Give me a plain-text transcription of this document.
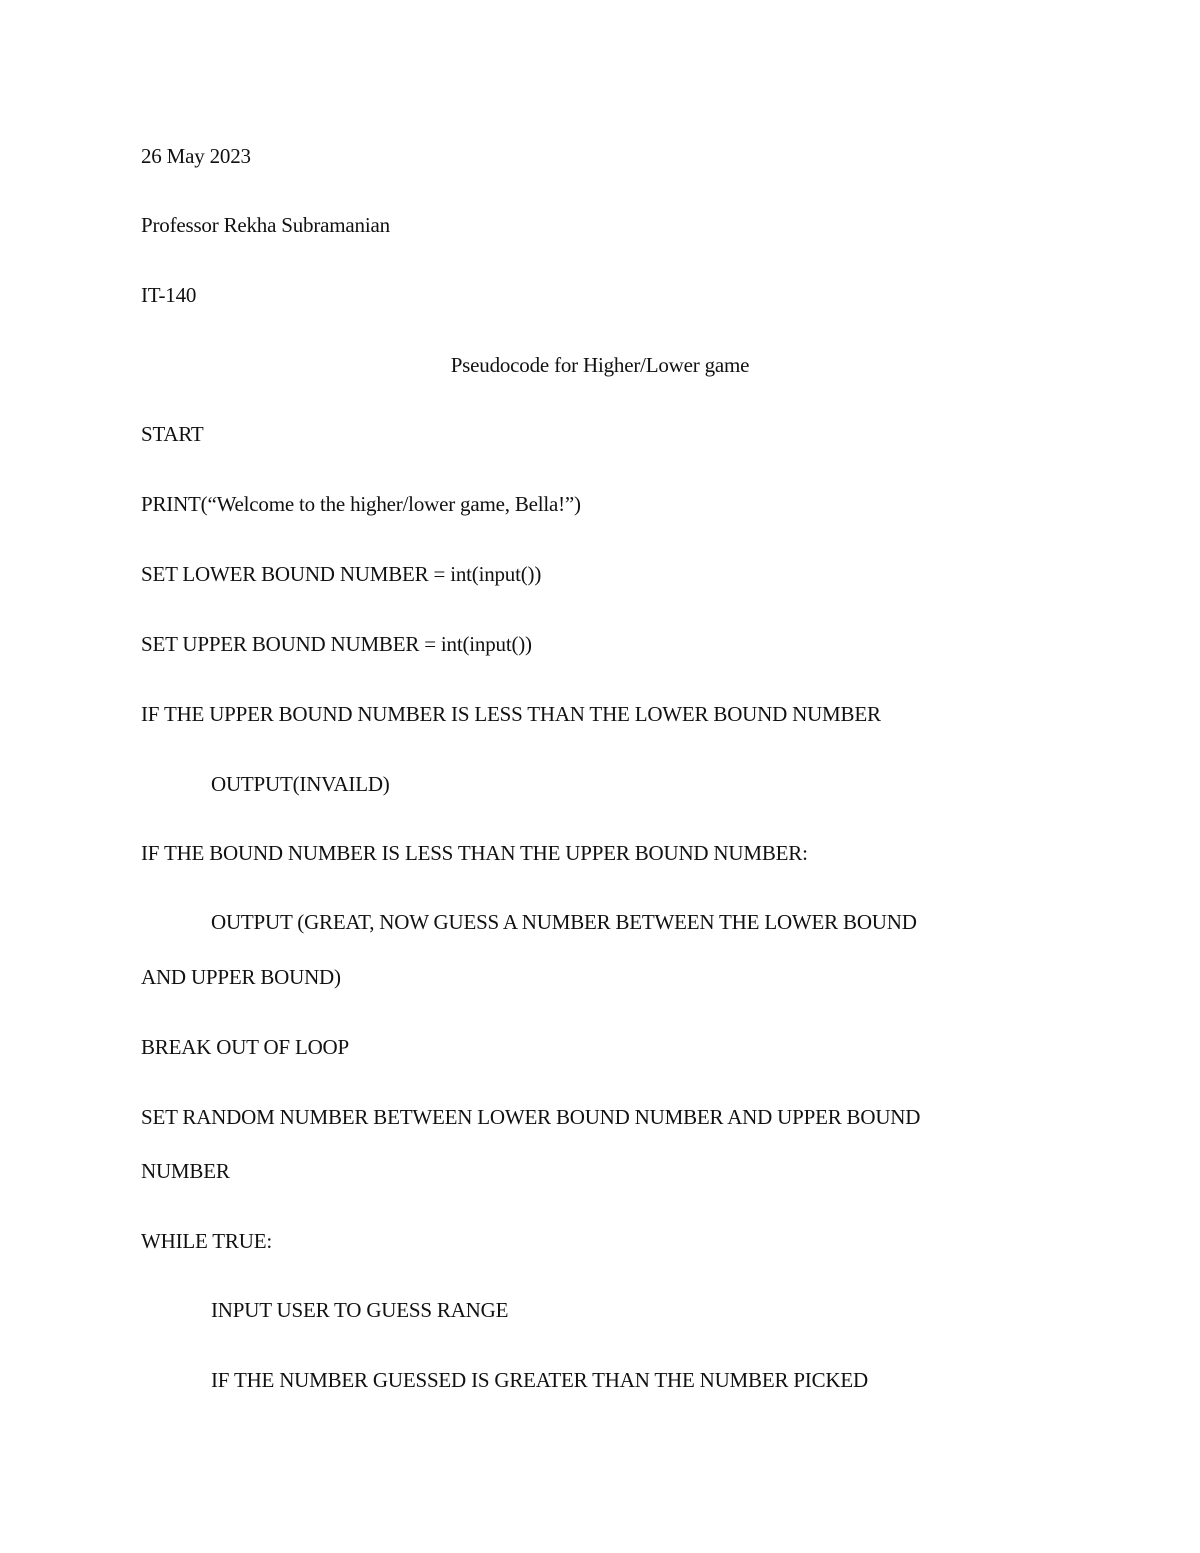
26 May 2023
Professor Rekha Subramanian
IT-140
Pseudocode for Higher/Lower game
START
PRINT(“Welcome to the higher/lower game, Bella!”)
SET LOWER BOUND NUMBER = int(input())
SET UPPER BOUND NUMBER = int(input())
IF THE UPPER BOUND NUMBER IS LESS THAN THE LOWER BOUND NUMBER
OUTPUT(INVAILD)
IF THE BOUND NUMBER IS LESS THAN THE UPPER BOUND NUMBER:
OUTPUT (GREAT, NOW GUESS A NUMBER BETWEEN THE LOWER BOUND
AND UPPER BOUND)
BREAK OUT OF LOOP
SET RANDOM NUMBER BETWEEN LOWER BOUND NUMBER AND UPPER BOUND
NUMBER
WHILE TRUE:
INPUT USER TO GUESS RANGE
IF THE NUMBER GUESSED IS GREATER THAN THE NUMBER PICKED
